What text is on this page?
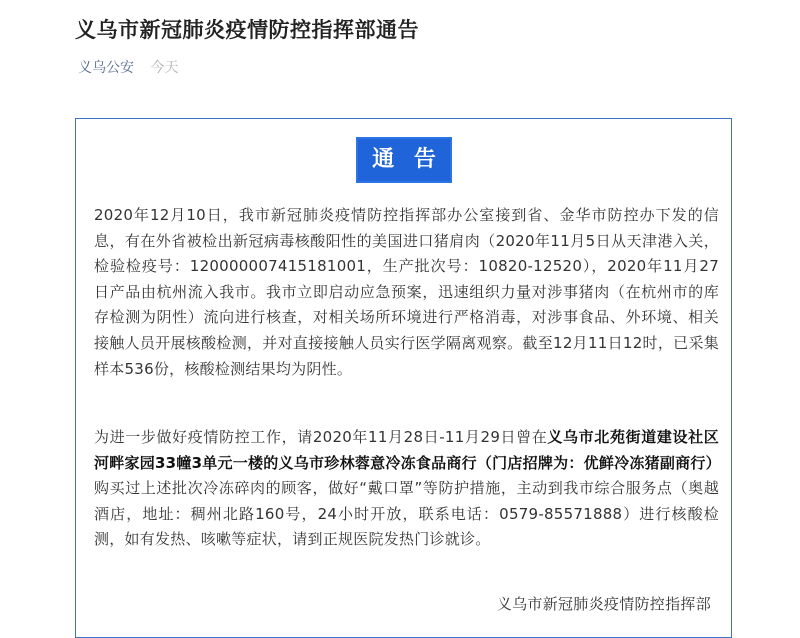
义乌市新冠肺炎疫情防控指挥部通告
义乌公安 今天
通 告

2020年12月10日，我市新冠肺炎疫情防控指挥部办公室接到省、金华市防控办下发的信息，有在外省被检出新冠病毒核酸阳性的美国进口猪肩肉（2020年11月5日从天津港入关，检验检疫号：120000007415181001，生产批次号：10820-12520），2020年11月27日产品由杭州流入我市。我市立即启动应急预案，迅速组织力量对涉事猪肉（在杭州市的库存检测为阴性）流向进行核查，对相关场所环境进行严格消毒，对涉事食品、外环境、相关接触人员开展核酸检测，并对直接接触人员实行医学隔离观察。截至12月11日12时，已采集样本536份，核酸检测结果均为阴性。

为进一步做好疫情防控工作，请2020年11月28日-11月29日曾在义乌市北苑街道建设社区河畔家园33幢3单元一楼的义乌市珍林蓉意冷冻食品商行（门店招牌为：优鲜冷冻猪副商行）购买过上述批次冷冻碎肉的顾客，做好“戴口罩”等防护措施，主动到我市综合服务点（奥越酒店，地址：稠州北路160号，24小时开放，联系电话：0579-85571888）进行核酸检测，如有发热、咳嗽等症状，请到正规医院发热门诊就诊。

义乌市新冠肺炎疫情防控指挥部
